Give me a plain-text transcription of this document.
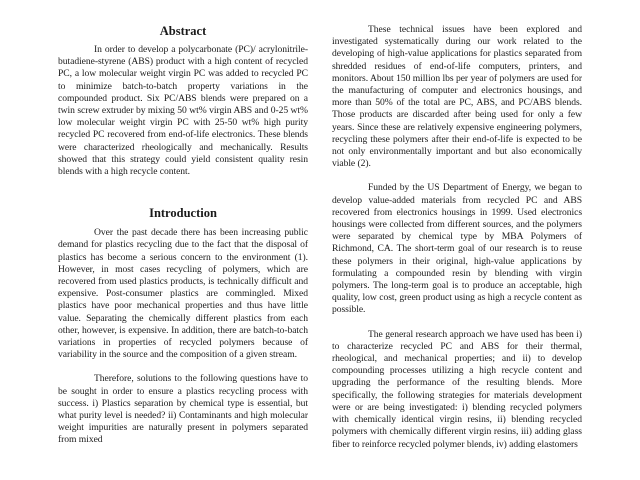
Abstract

In order to develop a polycarbonate (PC)/ acrylonitrile-butadiene-styrene (ABS) product with a high content of recycled PC, a low molecular weight virgin PC was added to recycled PC to minimize batch-to-batch property variations in the compounded product. Six PC/ABS blends were prepared on a twin screw extruder by mixing 50 wt% virgin ABS and 0-25 wt% low molecular weight virgin PC with 25-50 wt% high purity recycled PC recovered from end-of-life electronics. These blends were characterized rheologically and mechanically. Results showed that this strategy could yield consistent quality resin blends with a high recycle content.

Introduction

Over the past decade there has been increasing public demand for plastics recycling due to the fact that the disposal of plastics has become a serious concern to the environment (1). However, in most cases recycling of polymers, which are recovered from used plastics products, is technically difficult and expensive. Post-consumer plastics are commingled. Mixed plastics have poor mechanical properties and thus have little value. Separating the chemically different plastics from each other, however, is expensive. In addition, there are batch-to-batch variations in properties of recycled polymers because of variability in the source and the composition of a given stream.

Therefore, solutions to the following questions have to be sought in order to ensure a plastics recycling process with success. i) Plastics separation by chemical type is essential, but what purity level is needed? ii) Contaminants and high molecular weight impurities are naturally present in polymers separated from mixed

These technical issues have been explored and investigated systematically during our work related to the developing of high-value applications for plastics separated from shredded residues of end-of-life computers, printers, and monitors. About 150 million lbs per year of polymers are used for the manufacturing of computer and electronics housings, and more than 50% of the total are PC, ABS, and PC/ABS blends. Those products are discarded after being used for only a few years. Since these are relatively expensive engineering polymers, recycling these polymers after their end-of-life is expected to be not only environmentally important and but also economically viable (2).

Funded by the US Department of Energy, we began to develop value-added materials from recycled PC and ABS recovered from electronics housings in 1999. Used electronics housings were collected from different sources, and the polymers were separated by chemical type by MBA Polymers of Richmond, CA. The short-term goal of our research is to reuse these polymers in their original, high-value applications by formulating a compounded resin by blending with virgin polymers. The long-term goal is to produce an acceptable, high quality, low cost, green product using as high a recycle content as possible.

The general research approach we have used has been i) to characterize recycled PC and ABS for their thermal, rheological, and mechanical properties; and ii) to develop compounding processes utilizing a high recycle content and upgrading the performance of the resulting blends. More specifically, the following strategies for materials development were or are being investigated: i) blending recycled polymers with chemically identical virgin resins, ii) blending recycled polymers with chemically different virgin resins, iii) adding glass fiber to reinforce recycled polymer blends, iv) adding elastomers
